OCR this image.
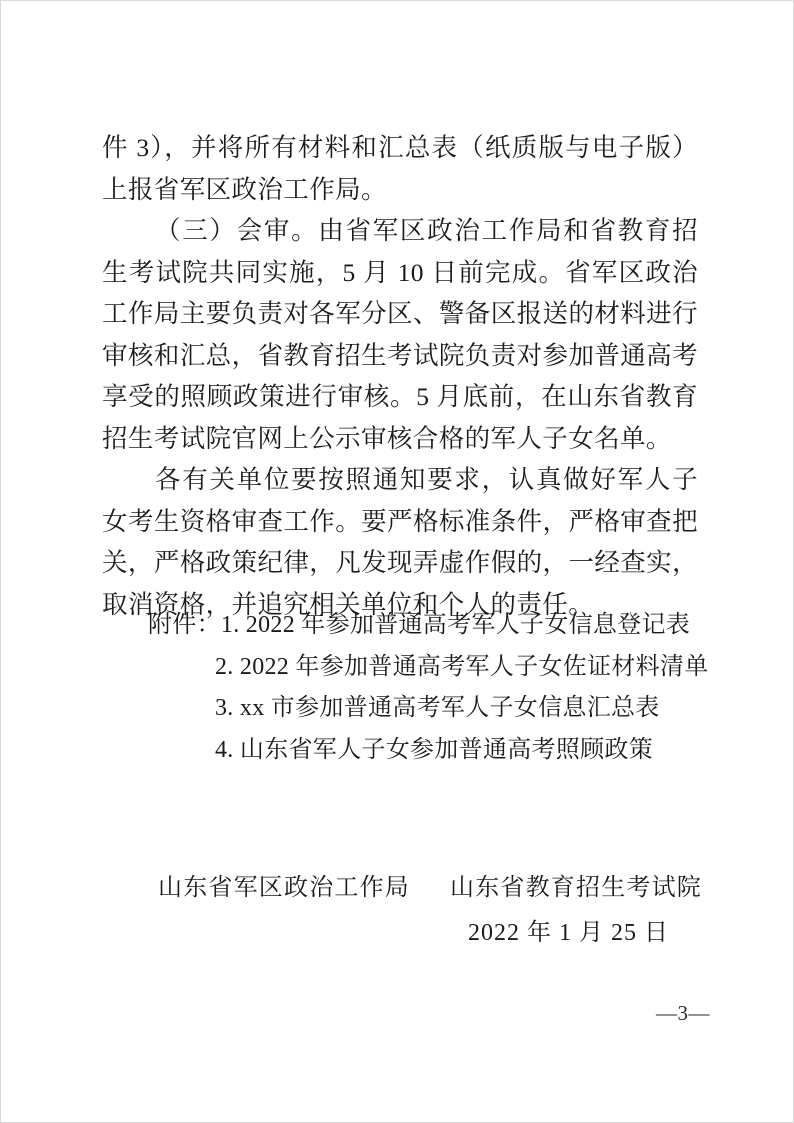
件 3），并将所有材料和汇总表（纸质版与电子版）上报省军区政治工作局。

（三）会审。由省军区政治工作局和省教育招生考试院共同实施，5 月 10 日前完成。省军区政治工作局主要负责对各军分区、警备区报送的材料进行审核和汇总，省教育招生考试院负责对参加普通高考享受的照顾政策进行审核。5 月底前，在山东省教育招生考试院官网上公示审核合格的军人子女名单。

各有关单位要按照通知要求，认真做好军人子女考生资格审查工作。要严格标准条件，严格审查把关，严格政策纪律，凡发现弄虚作假的，一经查实，取消资格，并追究相关单位和个人的责任。

附件：1. 2022 年参加普通高考军人子女信息登记表
2. 2022 年参加普通高考军人子女佐证材料清单
3. xx 市参加普通高考军人子女信息汇总表
4. 山东省军人子女参加普通高考照顾政策
山东省军区政治工作局 山东省教育招生考试院
2022 年 1 月 25 日
—3—
